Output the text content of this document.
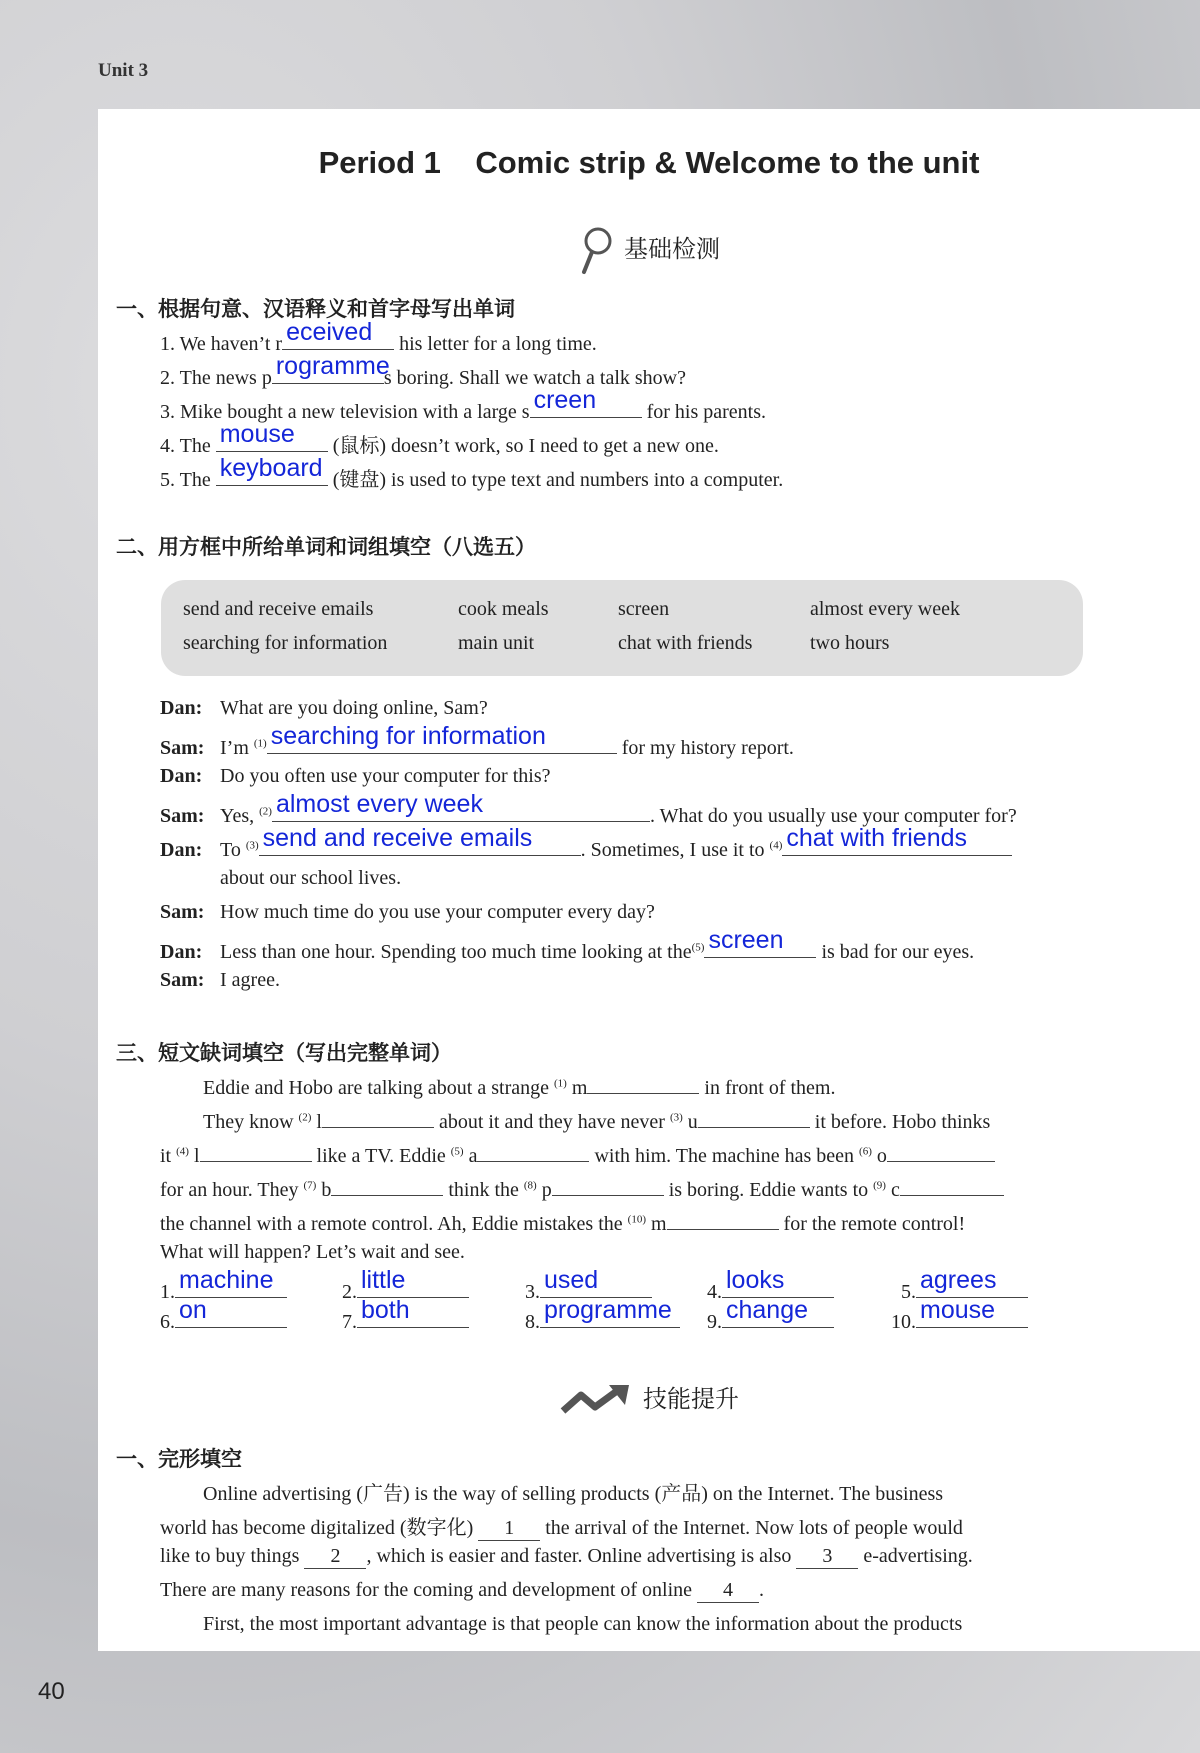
Unit 3
Period 1    Comic strip & Welcome to the unit
基础检测
一、根据句意、汉语释义和首字母写出单词
1. We haven’t r eceived his letter for a long time.
2. The news p rogramme
s boring. Shall we watch a talk show?
3. Mike bought a new television with a large s creen	for his parents.
4. The mouse (鼠标) doesn’t work, so I need to get a new one.
5. The keyboard (键盘) is used to type text and numbers into a computer.
二、用方框中所给单词和词组填空（八选五）
send and receive emails	cook meals	screen	almost every week
searching for information	main unit	chat with friends	two hours
Dan: What are you doing online, Sam?
Sam: I’m $^{(1)}$ searching for information	for my history report.
Dan: Do you often use your computer for this?
Sam: Yes, $^{(2)}$ almost every week	. What do you usually use your computer for?
Dan: To $^{(3)}$ send and receive emails . Sometimes, I use it to $^{(4)}$ chat with friends
about our school lives.
Sam: How much time do you use your computer every day?
Dan: Less than one hour. Spending too much time looking at the$^{(5)}$ screen is bad for our eyes.
Sam: I agree.
三、短文缺词填空（写出完整单词）
Eddie and Hobo are talking about a strange $^{(1)}$ m	in front of them.
They know $^{(2)}$ l	about it and they have never $^{(3)}$ u	it before. Hobo thinks
it $^{(4)}$ l	like a TV. Eddie $^{(5)}$ a	with him. The machine has been $^{(6)}$ o
for an hour. They $^{(7)}$ b	think the $^{(8)}$ p	is boring. Eddie wants to $^{(9)}$ c
the channel with a remote control. Ah, Eddie mistakes the $^{(10)}$ m	for the remote control!
What will happen? Let’s wait and see.
1. machine	2. little	3. used	4. looks	5. agrees
6. on	7. both	8. programme 9. change	10. mouse
技能提升
一、完形填空
Online advertising (广告) is the way of selling products (产品) on the Internet. The business
world has become digitalized (数字化) 1 the arrival of the Internet. Now lots of people would
like to buy things 2 , which is easier and faster. Online advertising is also 3 e-advertising.
There are many reasons for the coming and development of online 4 .
First, the most important advantage is that people can know the information about the products
40
